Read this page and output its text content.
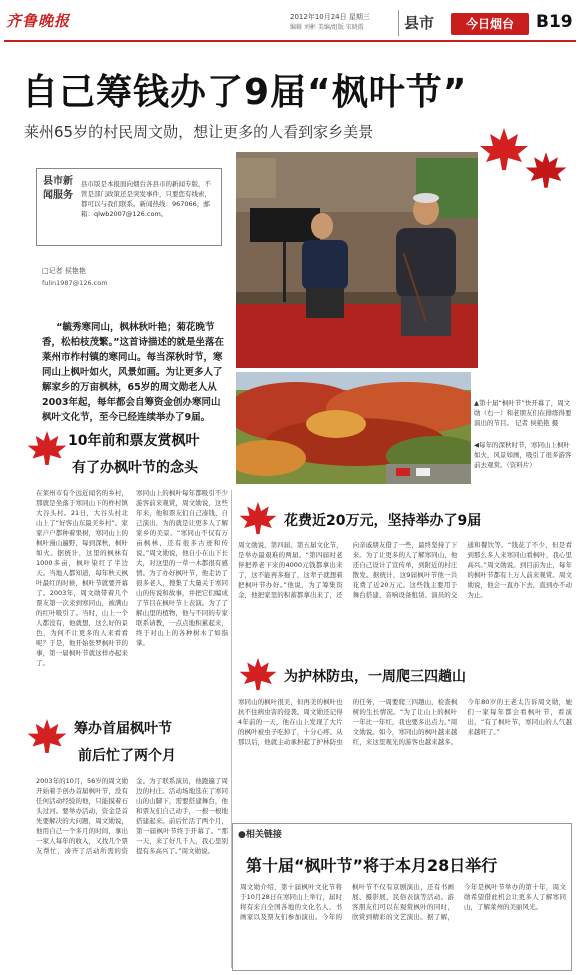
齐鲁晚报	2012年10月24日 星期三
编辑 刘彬 美编/组版 宋晓霞	县市	今日烟台	B19
自己筹钱办了9届“枫叶节”
莱州65岁的村民周文勋，想让更多的人看到家乡美景
县市新闻服务
县市版是本报面向烟台各县市的新闻专版，不管是部门政策还是突发事件，只要您有线索，都可以与我们联系。新闻热线：967066，邮箱：qlwb2007@126.com。
□记者 侯艳艳
fulin1987@126.com
“毓秀寒同山，枫林秋叶艳；菊花晚节香，松柏枝茂繁。”这首诗描述的就是坐落在莱州市柞村镇的寒同山。每当深秋时节，寒同山上枫叶如火，风景如画。为让更多人了解家乡的万亩枫林，65岁的周文勋老人从2003年起，每年都会自筹资金创办寒同山枫叶文化节，至今已经连续举办了9届。
▲第十届“枫叶节”快开幕了，周文勋（右一）和老朋友们在排练得要演出的节目。 记者 侯艳艳 摄
◀每年的深秋时节，寒同山上枫叶如火，风景如画，吸引了很多游客前去观赏。（资料片）
10年前和票友赏枫叶
有了办枫叶节的念头
在莱州市有个远近闻名的乡村，那就是坐落于寒同山下的柞村镇大谷头村。21日，大谷头村北山上了“好客山东最美乡村”。家家户户都种着果树，寒同山上的枫叶漫山遍野，每到深秋，枫叶如火。据统计，这里的枫林有1000多亩，枫叶染红了半边天。当地人都知道，每年秋天枫叶最红的时候，枫叶节就要开幕了。2003年，周文勋带着几个票友第一次来到寒同山，被满山的红叶吸引了。当时，山上一个人都没有，他就想，这么好的景色，为何不让更多的人来看看呢？于是，他开始张罗枫叶节的事，第一届枫叶节就这样办起来了。
寒同山上的枫叶每年都吸引不少游客前来观赏，周文勋说，这些年来，他和票友们自己凑钱、自己演出，为的就是让更多人了解家乡的美景。“寒同山不仅有万亩枫林，还有很多古迹和传说。”周文勋说，他自小在山下长大，对这里的一草一木都很有感情。为了办好枫叶节，他走访了很多老人，搜集了大量关于寒同山的传说和故事，并把它们编成了节目在枫叶节上表演。为了了解山里的植物，他与不同的专家联系请教，一点点地积累起来，终于对山上的各种树木了如指掌。
花费近20万元，坚持举办了9届
周文勋说，第四届、第五届文化节，是举办最艰难的两届。“第四届时老伴把养老下来的4000元钱都拿出来了，这不能再多拖了，这辈子就想着把枫叶节办好。”他说，为了筹集资金，他把家里的积蓄都拿出来了，还向亲戚朋友借了一些，最终坚持了下来。为了让更多的人了解寒同山，他还自己设计了宣传单，到附近的村庄散发。据统计，这9届枫叶节他一共花费了近20万元。这些钱主要用于舞台搭建、音响设备租赁、演员的交通和餐饮等。“钱花了不少，但是看到那么多人来寒同山看枫叶，我心里高兴。”周文勋说。到目前为止，每年的枫叶节都有上万人前来观赏。周文勋说，他会一直办下去，直到办不动为止。
为护林防虫，一周爬三四趟山
寒同山的枫叶很美，但再美的枫叶也抗不住病虫害的侵袭。周文勋还记得4年前的一天，他在山上发现了大片的枫叶被虫子吃掉了，十分心疼。从那以后，他就主动承担起了护林防虫的任务，一周要爬三四趟山，检查枫树的生长情况。“为了让山上的枫叶一年比一年红，我也要多出点力。”周文勋说。如今，寒同山的枫叶越来越红，来这里观光的游客也越来越多。今年80岁的王老太告诉周文勋，她们一家每年都会看枫叶节，看演出，“有了枫叶节，寒同山的人气越来越旺了。”
筹办首届枫叶节
前后忙了两个月
2003年的10月，56岁的周文勋开始着手创办首届枫叶节，没有任何活动经验的他，只能摸着石头过河。要举办活动，资金是首先要解决的大问题，周文勋说，他用自己一个多月的时间，拿出一家人每年的收入，又找几个票友帮忙，凑齐了活动所需的资金。为了联系演员，他跑遍了周边的村庄。活动场地选在了寒同山的山脚下，需要搭建舞台，他和票友们自己动手，一根一根地搭建起来。前后忙活了两个月，第一届枫叶节终于开幕了。“那一天，来了好几千人，我心里别提有多高兴了。”周文勋说。
●相关链接
第十届“枫叶节”将于本月28日举行
周文勋介绍，第十届枫叶文化节将于10月28日在寒同山上举行，届时将有来自全国各地的文化名人、书画家以及票友们参加演出。今年的枫叶节不仅有京剧演出，还有书画展、摄影展、民俗表演等活动。游客朋友们可以在观赏枫叶的同时，欣赏到精彩的文艺演出。据了解，今年是枫叶节举办的第十年，周文勋希望借此机会让更多人了解寒同山，了解莱州的美丽风光。
